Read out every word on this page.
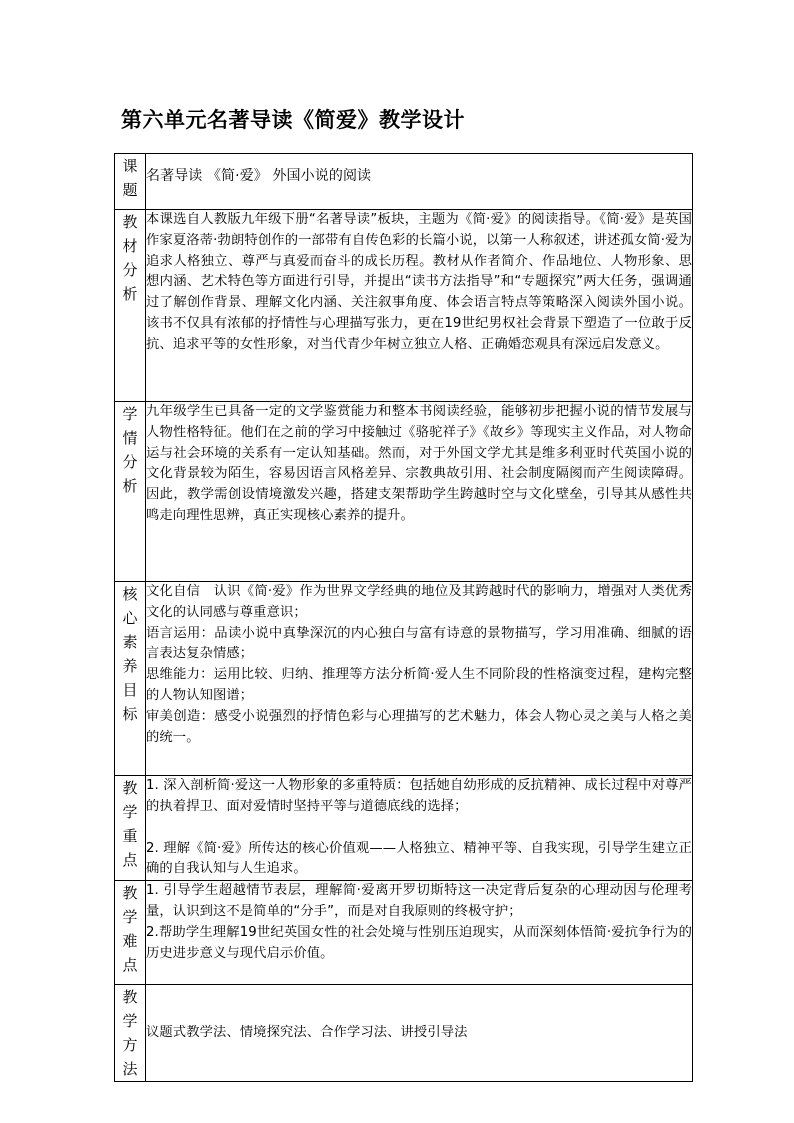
第六单元名著导读《简爱》教学设计
课题	名著导读 《简·爱》 外国小说的阅读

教材分析	本课选自人教版九年级下册“名著导读”板块，主题为《简·爱》的阅读指导。《简·爱》是英国作家夏洛蒂·勃朗特创作的一部带有自传色彩的长篇小说，以第一人称叙述，讲述孤女简·爱为追求人格独立、尊严与真爱而奋斗的成长历程。教材从作者简介、作品地位、人物形象、思想内涵、艺术特色等方面进行引导，并提出“读书方法指导”和“专题探究”两大任务，强调通过了解创作背景、理解文化内涵、关注叙事角度、体会语言特点等策略深入阅读外国小说。该书不仅具有浓郁的抒情性与心理描写张力，更在19世纪男权社会背景下塑造了一位敢于反抗、追求平等的女性形象，对当代青少年树立独立人格、正确婚恋观具有深远启发意义。

学情分析	九年级学生已具备一定的文学鉴赏能力和整本书阅读经验，能够初步把握小说的情节发展与人物性格特征。他们在之前的学习中接触过《骆驼祥子》《故乡》等现实主义作品，对人物命运与社会环境的关系有一定认知基础。然而，对于外国文学尤其是维多利亚时代英国小说的文化背景较为陌生，容易因语言风格差异、宗教典故引用、社会制度隔阂而产生阅读障碍。因此，教学需创设情境激发兴趣，搭建支架帮助学生跨越时空与文化壁垒，引导其从感性共鸣走向理性思辨，真正实现核心素养的提升。

核心素养目标	文化自信　认识《简·爱》作为世界文学经典的地位及其跨越时代的影响力，增强对人类优秀文化的认同感与尊重意识；

语言运用：品读小说中真挚深沉的内心独白与富有诗意的景物描写，学习用准确、细腻的语言表达复杂情感；

思维能力：运用比较、归纳、推理等方法分析简·爱人生不同阶段的性格演变过程，建构完整的人物认知图谱；

审美创造：感受小说强烈的抒情色彩与心理描写的艺术魅力，体会人物心灵之美与人格之美的统一。

教学重点	1. 深入剖析简·爱这一人物形象的多重特质：包括她自幼形成的反抗精神、成长过程中对尊严的执着捍卫、面对爱情时坚持平等与道德底线的选择；

2. 理解《简·爱》所传达的核心价值观——人格独立、精神平等、自我实现，引导学生建立正确的自我认知与人生追求。

教学难点	1. 引导学生超越情节表层，理解简·爱离开罗切斯特这一决定背后复杂的心理动因与伦理考量，认识到这不是简单的“分手”，而是对自我原则的终极守护；

2.帮助学生理解19世纪英国女性的社会处境与性别压迫现实，从而深刻体悟简·爱抗争行为的历史进步意义与现代启示价值。

教学方法	议题式教学法、情境探究法、合作学习法、讲授引导法
